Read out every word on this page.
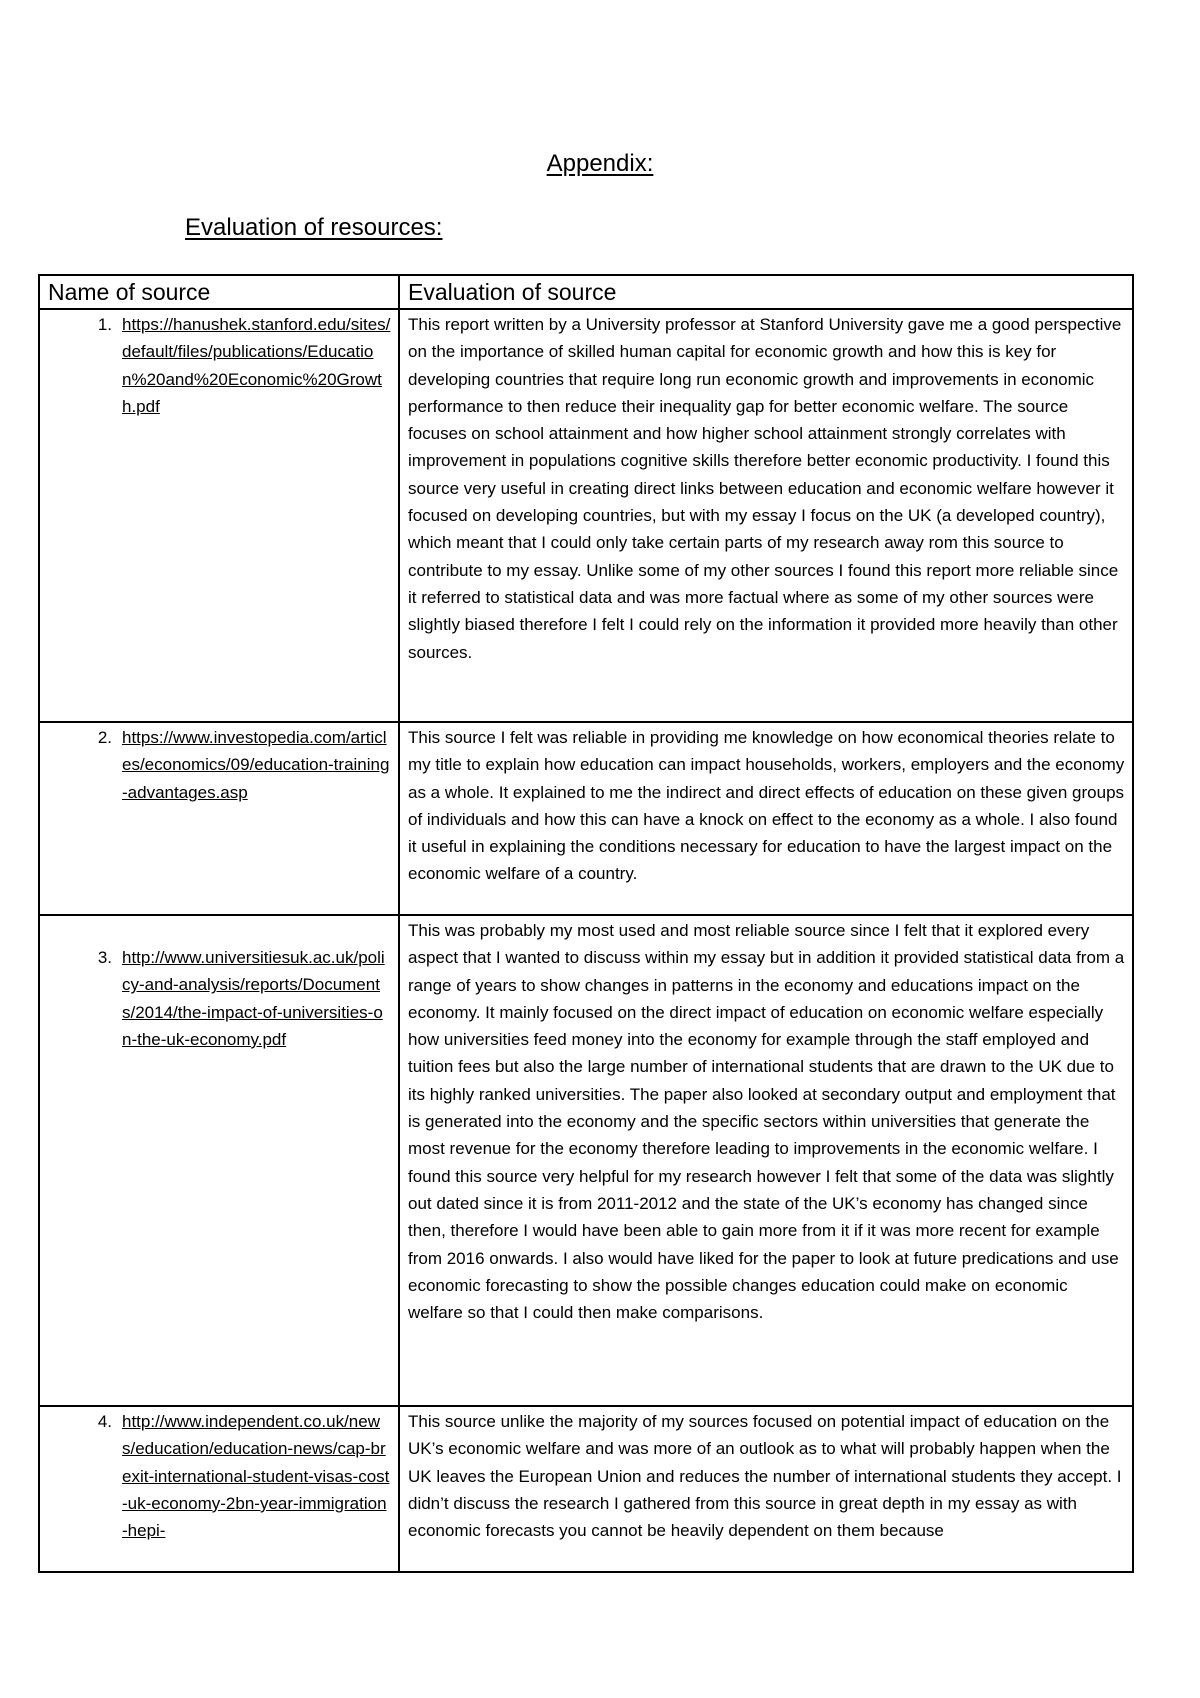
Appendix:
Evaluation of resources:
Name of source	Evaluation of source

1. https://hanushek.stanford.edu/sites/default/files/publications/Education%20and%20Economic%20Growth.pdf	This report written by a University professor at Stanford University gave me a good perspective on the importance of skilled human capital for economic growth and how this is key for developing countries that require long run economic growth and improvements in economic performance to then reduce their inequality gap for better economic welfare. The source focuses on school attainment and how higher school attainment strongly correlates with improvement in populations cognitive skills therefore better economic productivity. I found this source very useful in creating direct links between education and economic welfare however it focused on developing countries, but with my essay I focus on the UK (a developed country), which meant that I could only take certain parts of my research away rom this source to contribute to my essay. Unlike some of my other sources I found this report more reliable since it referred to statistical data and was more factual where as some of my other sources were slightly biased therefore I felt I could rely on the information it provided more heavily than other sources.

2. https://www.investopedia.com/articles/economics/09/education-training-advantages.asp	This source I felt was reliable in providing me knowledge on how economical theories relate to my title to explain how education can impact households, workers, employers and the economy as a whole. It explained to me the indirect and direct effects of education on these given groups of individuals and how this can have a knock on effect to the economy as a whole. I also found it useful in explaining the conditions necessary for education to have the largest impact on the economic welfare of a country.

3. http://www.universitiesuk.ac.uk/policy-and-analysis/reports/Documents/2014/the-impact-of-universities-on-the-uk-economy.pdf	This was probably my most used and most reliable source since I felt that it explored every aspect that I wanted to discuss within my essay but in addition it provided statistical data from a range of years to show changes in patterns in the economy and educations impact on the economy. It mainly focused on the direct impact of education on economic welfare especially how universities feed money into the economy for example through the staff employed and tuition fees but also the large number of international students that are drawn to the UK due to its highly ranked universities. The paper also looked at secondary output and employment that is generated into the economy and the specific sectors within universities that generate the most revenue for the economy therefore leading to improvements in the economic welfare. I found this source very helpful for my research however I felt that some of the data was slightly out dated since it is from 2011-2012 and the state of the UK’s economy has changed since then, therefore I would have been able to gain more from it if it was more recent for example from 2016 onwards. I also would have liked for the paper to look at future predications and use economic forecasting to show the possible changes education could make on economic welfare so that I could then make comparisons.

4. http://www.independent.co.uk/news/education/education-news/cap-brexit-international-student-visas-cost-uk-economy-2bn-year-immigration-hepi-	This source unlike the majority of my sources focused on potential impact of education on the UK’s economic welfare and was more of an outlook as to what will probably happen when the UK leaves the European Union and reduces the number of international students they accept. I didn’t discuss the research I gathered from this source in great depth in my essay as with economic forecasts you cannot be heavily dependent on them because
